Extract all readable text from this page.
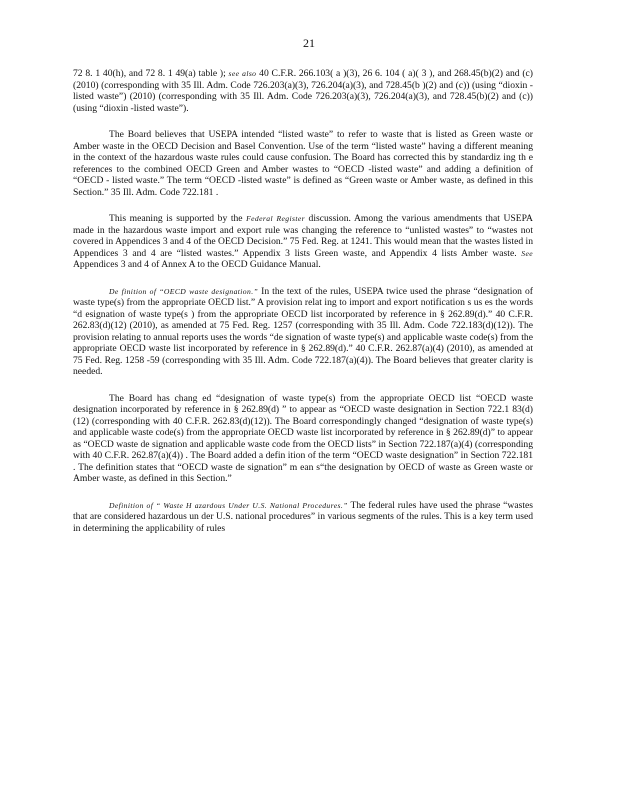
21

72 8. 1 40(h), and 72 8. 1 49(a) table ); see also 40 C.F.R. 266.103( a )(3), 26 6. 104 ( a)( 3 ), and 268.45(b)(2) and (c) (2010) (corresponding with 35 Ill. Adm. Code 726.203(a)(3), 726.204(a)(3), and 728.45(b )(2) and (c)) (using “dioxin -listed waste”) (2010) (corresponding with 35 Ill. Adm. Code 726.203(a)(3), 726.204(a)(3), and 728.45(b)(2) and (c)) (using “dioxin -listed waste”).

The Board believes that USEPA intended “listed waste” to refer to waste that is listed as Green waste or Amber waste in the OECD Decision and Basel Convention. Use of the term “listed waste” having a different meaning in the context of the hazardous waste rules could cause confusion. The Board has corrected this by standardiz ing th e references to the combined OECD Green and Amber wastes to “OECD -listed waste” and adding a definition of “OECD - listed waste.” The term “OECD -listed waste” is defined as “Green waste or Amber waste, as defined in this Section.” 35 Ill. Adm. Code 722.181 .

This meaning is supported by the Federal Register discussion. Among the various amendments that USEPA made in the hazardous waste import and export rule was changing the reference to “unlisted wastes” to “wastes not covered in Appendices 3 and 4 of the OECD Decision.” 75 Fed. Reg. at 1241. This would mean that the wastes listed in Appendices 3 and 4 are “listed wastes.” Appendix 3 lists Green waste, and Appendix 4 lists Amber waste. See Appendices 3 and 4 of Annex A to the OECD Guidance Manual.

De finition of “OECD waste designation.” In the text of the rules, USEPA twice used the phrase “designation of waste type(s) from the appropriate OECD list.” A provision relat ing to import and export notification s us es the words “d esignation of waste type(s ) from the appropriate OECD list incorporated by reference in § 262.89(d).” 40 C.F.R. 262.83(d)(12) (2010), as amended at 75 Fed. Reg. 1257 (corresponding with 35 Ill. Adm. Code 722.183(d)(12)). The provision relating to annual reports uses the words “de signation of waste type(s) and applicable waste code(s) from the appropriate OECD waste list incorporated by reference in § 262.89(d).” 40 C.F.R. 262.87(a)(4) (2010), as amended at 75 Fed. Reg. 1258 -59 (corresponding with 35 Ill. Adm. Code 722.187(a)(4)). The Board believes that greater clarity is needed.

The Board has chang ed “designation of waste type(s) from the appropriate OECD list “OECD waste designation incorporated by reference in § 262.89(d) ” to appear as “OECD waste designation in Section 722.1 83(d)(12) (corresponding with 40 C.F.R. 262.83(d)(12)). The Board correspondingly changed “designation of waste type(s) and applicable waste code(s) from the appropriate OECD waste list incorporated by reference in § 262.89(d)” to appear as “OECD waste de signation and applicable waste code from the OECD lists” in Section 722.187(a)(4) (corresponding with 40 C.F.R. 262.87(a)(4)) . The Board added a defin ition of the term “OECD waste designation” in Section 722.181 . The definition states that “OECD waste de signation” m ean s“the designation by OECD of waste as Green waste or Amber waste, as defined in this Section.”

Definition of “ Waste H azardous Under U.S. National Procedures.” The federal rules have used the phrase “wastes that are considered hazardous un der U.S. national procedures” in various segments of the rules. This is a key term used in determining the applicability of rules
